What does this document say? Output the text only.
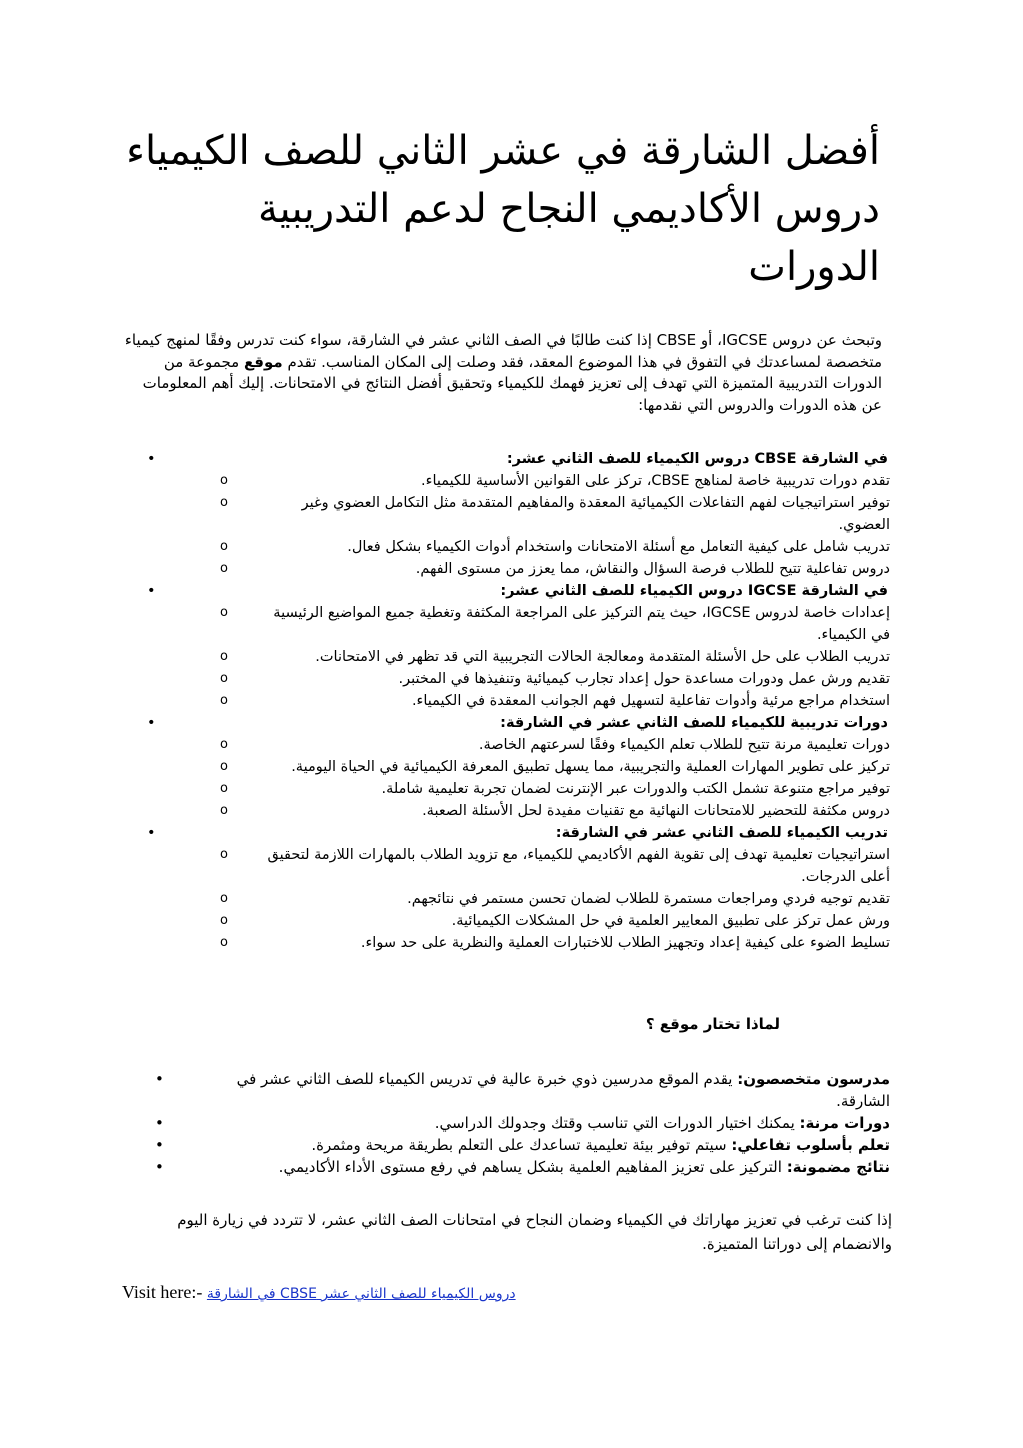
أفضل الشارقة في عشر الثاني للصف الكيمياء دروس الأكاديمي النجاح لدعم التدريبية الدورات

وتبحث عن دروس IGCSE، أو CBSE إذا كنت طالبًا في الصف الثاني عشر في الشارقة، سواء كنت تدرس وفقًا لمنهج كيمياء متخصصة لمساعدتك في التفوق في هذا الموضوع المعقد، فقد وصلت إلى المكان المناسب. تقدم موقع مجموعة من الدورات التدريبية المتميزة التي تهدف إلى تعزيز فهمك للكيمياء وتحقيق أفضل النتائج في الامتحانات. إليك أهم المعلومات عن هذه الدورات والدروس التي نقدمها:

•	في الشارقة CBSE دروس الكيمياء للصف الثاني عشر:
o	تقدم دورات تدريبية خاصة لمناهج CBSE، تركز على القوانين الأساسية للكيمياء.
o	توفير استراتيجيات لفهم التفاعلات الكيميائية المعقدة والمفاهيم المتقدمة مثل التكامل العضوي وغير العضوي.
o	تدريب شامل على كيفية التعامل مع أسئلة الامتحانات واستخدام أدوات الكيمياء بشكل فعال.
o	دروس تفاعلية تتيح للطلاب فرصة السؤال والنقاش، مما يعزز من مستوى الفهم.
•	في الشارقة IGCSE دروس الكيمياء للصف الثاني عشر:
o	إعدادات خاصة لدروس IGCSE، حيث يتم التركيز على المراجعة المكثفة وتغطية جميع المواضيع الرئيسية في الكيمياء.
o	تدريب الطلاب على حل الأسئلة المتقدمة ومعالجة الحالات التجريبية التي قد تظهر في الامتحانات.
o	تقديم ورش عمل ودورات مساعدة حول إعداد تجارب كيميائية وتنفيذها في المختبر.
o	استخدام مراجع مرئية وأدوات تفاعلية لتسهيل فهم الجوانب المعقدة في الكيمياء.
•	دورات تدريبية للكيمياء للصف الثاني عشر في الشارقة:
o	دورات تعليمية مرنة تتيح للطلاب تعلم الكيمياء وفقًا لسرعتهم الخاصة.
o	تركيز على تطوير المهارات العملية والتجريبية، مما يسهل تطبيق المعرفة الكيميائية في الحياة اليومية.
o	توفير مراجع متنوعة تشمل الكتب والدورات عبر الإنترنت لضمان تجربة تعليمية شاملة.
o	دروس مكثفة للتحضير للامتحانات النهائية مع تقنيات مفيدة لحل الأسئلة الصعبة.
•	تدريب الكيمياء للصف الثاني عشر في الشارقة:
o	استراتيجيات تعليمية تهدف إلى تقوية الفهم الأكاديمي للكيمياء، مع تزويد الطلاب بالمهارات اللازمة لتحقيق أعلى الدرجات.
o	تقديم توجيه فردي ومراجعات مستمرة للطلاب لضمان تحسن مستمر في نتائجهم.
o	ورش عمل تركز على تطبيق المعايير العلمية في حل المشكلات الكيميائية.
o	تسليط الضوء على كيفية إعداد وتجهيز الطلاب للاختبارات العملية والنظرية على حد سواء.

لماذا تختار موقع ؟

•	مدرسون متخصصون: يقدم الموقع مدرسين ذوي خبرة عالية في تدريس الكيمياء للصف الثاني عشر في الشارقة.
•	دورات مرنة: يمكنك اختيار الدورات التي تناسب وقتك وجدولك الدراسي.
•	تعلم بأسلوب تفاعلي: سيتم توفير بيئة تعليمية تساعدك على التعلم بطريقة مريحة ومثمرة.
•	نتائج مضمونة: التركيز على تعزيز المفاهيم العلمية بشكل يساهم في رفع مستوى الأداء الأكاديمي.

إذا كنت ترغب في تعزيز مهاراتك في الكيمياء وضمان النجاح في امتحانات الصف الثاني عشر، لا تتردد في زيارة اليوم والانضمام إلى دوراتنا المتميزة.

Visit here:- دروس الكيمياء للصف الثاني عشر CBSE في الشارقة
